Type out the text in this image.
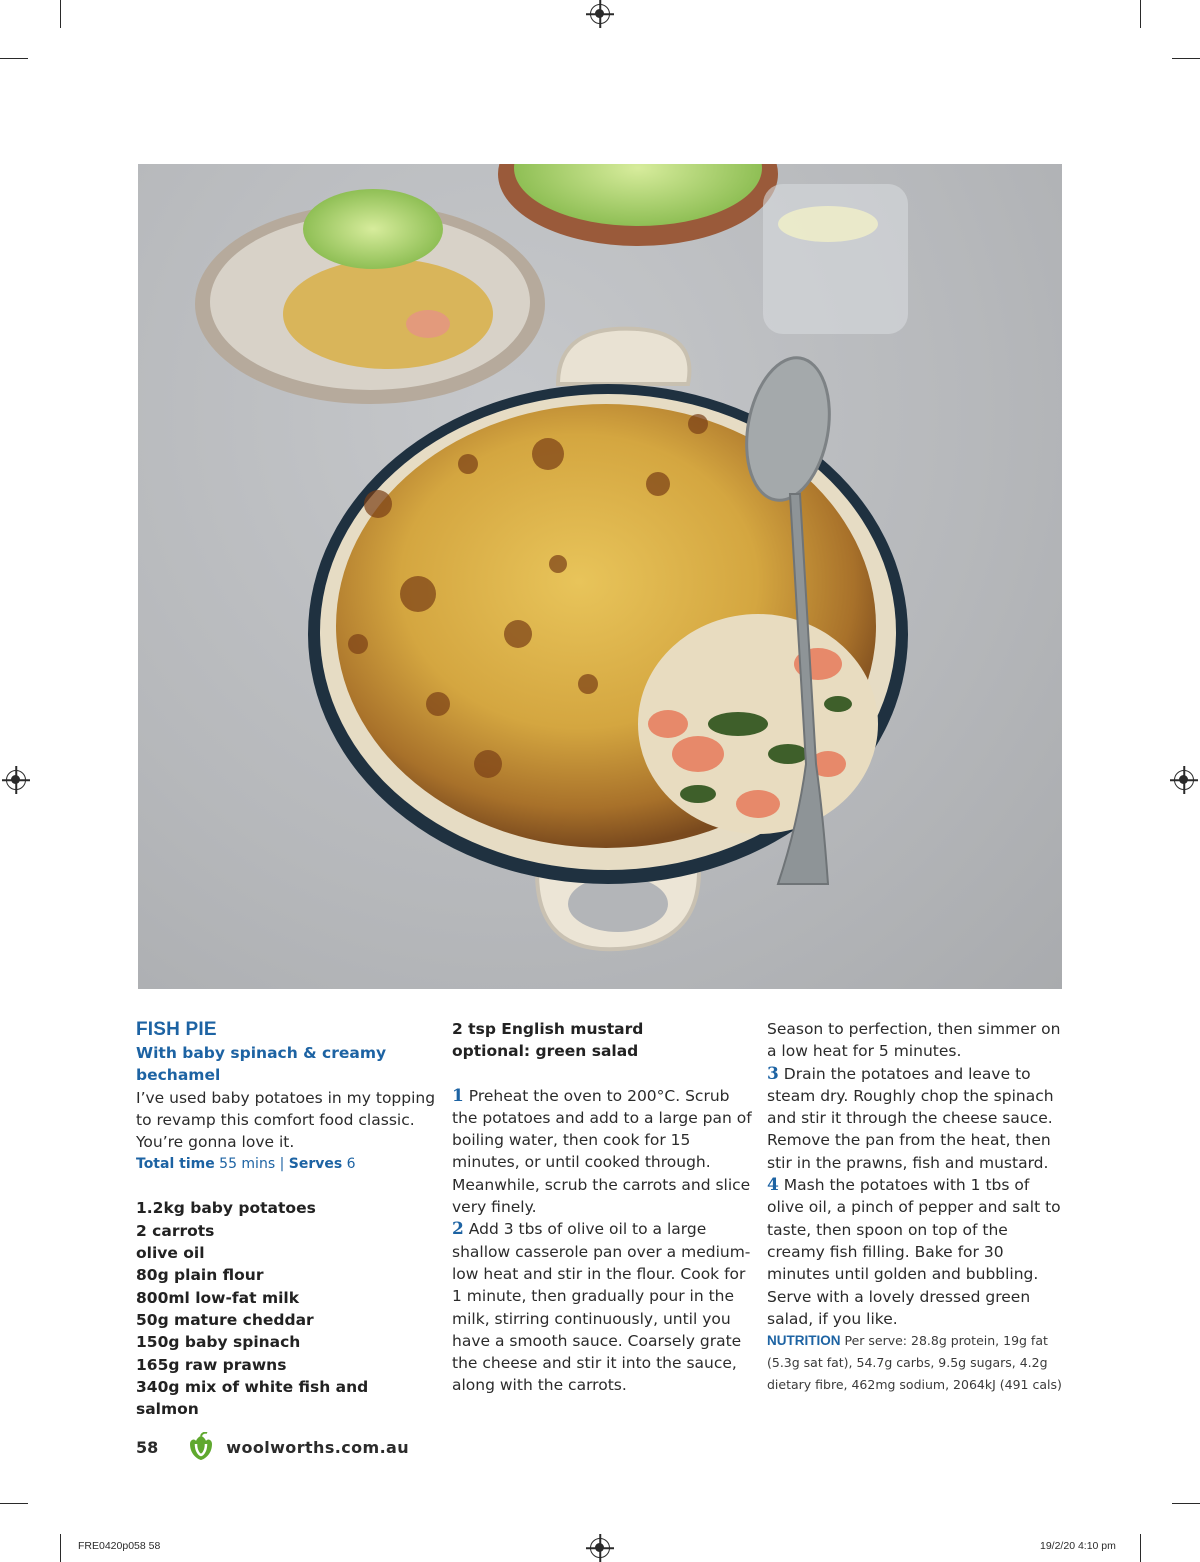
FISH PIE
With baby spinach & creamy bechamel
I’ve used baby potatoes in my topping to revamp this comfort food classic. You’re gonna love it.
Total time 55 mins | Serves 6
1.2kg baby potatoes
2 carrots
olive oil
80g plain flour
800ml low-fat milk
50g mature cheddar
150g baby spinach
165g raw prawns
340g mix of white fish and salmon
2 tsp English mustard
optional: green salad
1 Preheat the oven to 200°C. Scrub the potatoes and add to a large pan of boiling water, then cook for 15 minutes, or until cooked through. Meanwhile, scrub the carrots and slice very finely.
2 Add 3 tbs of olive oil to a large shallow casserole pan over a medium-low heat and stir in the flour. Cook for 1 minute, then gradually pour in the milk, stirring continuously, until you have a smooth sauce. Coarsely grate the cheese and stir it into the sauce, along with the carrots.
Season to perfection, then simmer on a low heat for 5 minutes.
3 Drain the potatoes and leave to steam dry. Roughly chop the spinach and stir it through the cheese sauce. Remove the pan from the heat, then stir in the prawns, fish and mustard.
4 Mash the potatoes with 1 tbs of olive oil, a pinch of pepper and salt to taste, then spoon on top of the creamy fish filling. Bake for 30 minutes until golden and bubbling. Serve with a lovely dressed green salad, if you like.
NUTRITION Per serve: 28.8g protein, 19g fat (5.3g sat fat), 54.7g carbs, 9.5g sugars, 4.2g dietary fibre, 462mg sodium, 2064kJ (491 cals)
58	woolworths.com.au
FRE0420p058 58	19/2/20 4:10 pm
